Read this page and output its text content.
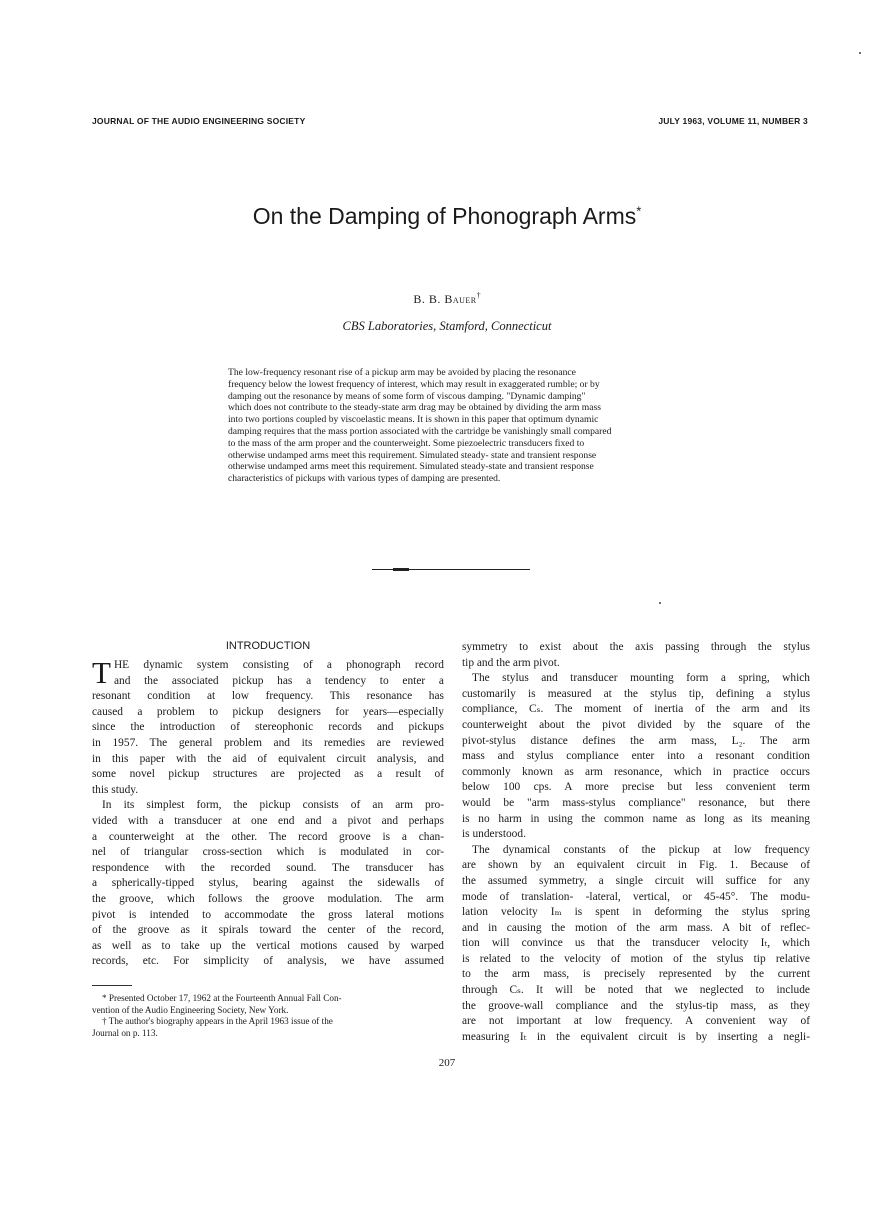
JOURNAL OF THE AUDIO ENGINEERING SOCIETY	JULY 1963, VOLUME 11, NUMBER 3
On the Damping of Phonograph Arms*
B. B. Bauer†
CBS Laboratories, Stamford, Connecticut
The low-frequency resonant rise of a pickup arm may be avoided by placing the resonance
frequency below the lowest frequency of interest, which may result in exaggerated rumble; or by
damping out the resonance by means of some form of viscous damping. "Dynamic damping"
which does not contribute to the steady-state arm drag may be obtained by dividing the arm mass
into two portions coupled by viscoelastic means. It is shown in this paper that optimum dynamic
damping requires that the mass portion associated with the cartridge be vanishingly small compared
to the mass of the arm proper and the counterweight. Some piezoelectric transducers fixed to
otherwise undamped arms meet this requirement. Simulated steady- state and transient response
otherwise undamped arms meet this requirement. Simulated steady-state and transient response
characteristics of pickups with various types of damping are presented.
INTRODUCTION
T HE dynamic system consisting of a phonograph record
and the associated pickup has a tendency to enter a
resonant condition at low frequency. This resonance has
caused a problem to pickup designers for years—especially
since the introduction of stereophonic records and pickups
in 1957. The general problem and its remedies are reviewed
in this paper with the aid of equivalent circuit analysis, and
some novel pickup structures are projected as a result of
this study.
In its simplest form, the pickup consists of an arm pro-
vided with a transducer at one end and a pivot and perhaps
a counterweight at the other. The record groove is a chan-
nel of triangular cross-section which is modulated in cor-
respondence with the recorded sound. The transducer has
a spherically-tipped stylus, bearing against the sidewalls of
the groove, which follows the groove modulation. The arm
pivot is intended to accommodate the gross lateral motions
of the groove as it spirals toward the center of the record,
as well as to take up the vertical motions caused by warped
records, etc. For simplicity of analysis, we have assumed
symmetry to exist about the axis passing through the stylus
tip and the arm pivot.
The stylus and transducer mounting form a spring, which
customarily is measured at the stylus tip, defining a stylus
compliance, Cₛ. The moment of inertia of the arm and its
counterweight about the pivot divided by the square of the
pivot-stylus distance defines the arm mass, L₂. The arm
mass and stylus compliance enter into a resonant condition
commonly known as arm resonance, which in practice occurs
below 100 cps. A more precise but less convenient term
would be "arm mass-stylus compliance" resonance, but there
is no harm in using the common name as long as its meaning
is understood.
The dynamical constants of the pickup at low frequency
are shown by an equivalent circuit in Fig. 1. Because of
the assumed symmetry, a single circuit will suffice for any
mode of translation- -lateral, vertical, or 45-45°. The modu-
lation velocity Iₘ is spent in deforming the stylus spring
and in causing the motion of the arm mass. A bit of reflec-
tion will convince us that the transducer velocity Iₜ, which
is related to the velocity of motion of the stylus tip relative
to the arm mass, is precisely represented by the current
through Cₛ. It will be noted that we neglected to include
the groove-wall compliance and the stylus-tip mass, as they
are not important at low frequency. A convenient way of
measuring Iₜ in the equivalent circuit is by inserting a negli-
* Presented October 17, 1962 at the Fourteenth Annual Fall Con-
vention of the Audio Engineering Society, New York.
† The author's biography appears in the April 1963 issue of the
Journal on p. 113.
207
